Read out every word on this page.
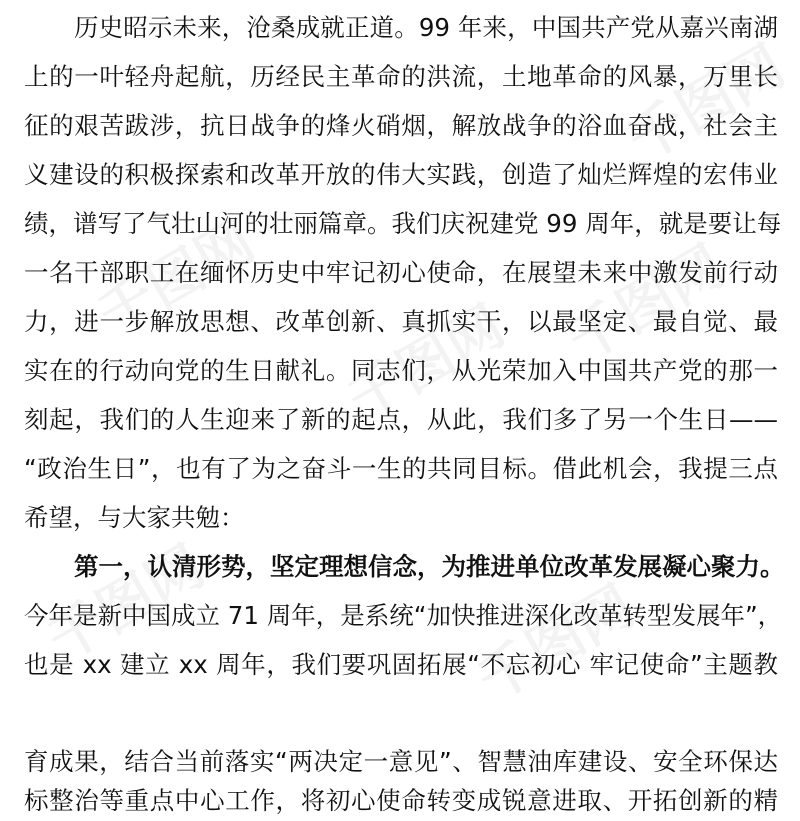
历史昭示未来，沧桑成就正道。99 年来，中国共产党从嘉兴南湖
上的一叶轻舟起航，历经民主革命的洪流，土地革命的风暴，万里长
征的艰苦跋涉，抗日战争的烽火硝烟，解放战争的浴血奋战，社会主
义建设的积极探索和改革开放的伟大实践，创造了灿烂辉煌的宏伟业
绩，谱写了气壮山河的壮丽篇章。我们庆祝建党 99 周年，就是要让每
一名干部职工在缅怀历史中牢记初心使命，在展望未来中激发前行动
力，进一步解放思想、改革创新、真抓实干，以最坚定、最自觉、最
实在的行动向党的生日献礼。同志们，从光荣加入中国共产党的那一
刻起，我们的人生迎来了新的起点，从此，我们多了另一个生日——
“政治生日”，也有了为之奋斗一生的共同目标。借此机会，我提三点
希望，与大家共勉：
第一，认清形势，坚定理想信念，为推进单位改革发展凝心聚力。
今年是新中国成立 71 周年，是系统“加快推进深化改革转型发展年”，
也是 xx 建立 xx 周年，我们要巩固拓展“不忘初心 牢记使命”主题教
育成果，结合当前落实“两决定一意见”、智慧油库建设、安全环保达
标整治等重点中心工作，将初心使命转变成锐意进取、开拓创新的精
